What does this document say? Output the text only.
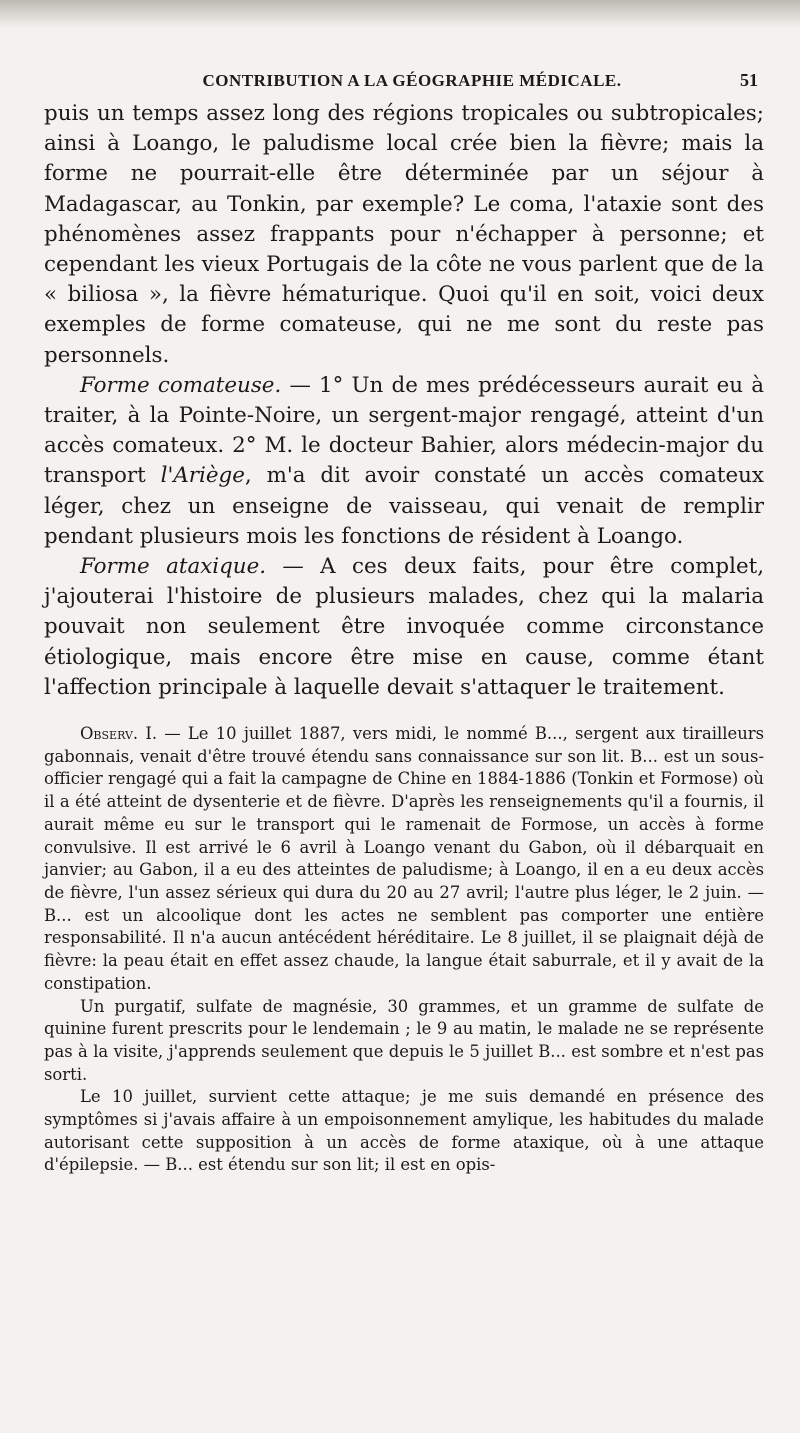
CONTRIBUTION A LA GÉOGRAPHIE MÉDICALE.	51

puis un temps assez long des régions tropicales ou subtropicales; ainsi à Loango, le paludisme local crée bien la fièvre; mais la forme ne pourrait-elle être déterminée par un séjour à Madagascar, au Tonkin, par exemple? Le coma, l'ataxie sont des phénomènes assez frappants pour n'échapper à personne; et cependant les vieux Portugais de la côte ne vous parlent que de la « biliosa », la fièvre hématurique. Quoi qu'il en soit, voici deux exemples de forme comateuse, qui ne me sont du reste pas personnels.

Forme comateuse. — 1° Un de mes prédécesseurs aurait eu à traiter, à la Pointe-Noire, un sergent-major rengagé, atteint d'un accès comateux. 2° M. le docteur Bahier, alors médecin-major du transport l'Ariège, m'a dit avoir constaté un accès comateux léger, chez un enseigne de vaisseau, qui venait de remplir pendant plusieurs mois les fonctions de résident à Loango.

Forme ataxique. — A ces deux faits, pour être complet, j'ajouterai l'histoire de plusieurs malades, chez qui la malaria pouvait non seulement être invoquée comme circonstance étiologique, mais encore être mise en cause, comme étant l'affection principale à laquelle devait s'attaquer le traitement.

Observ. I. — Le 10 juillet 1887, vers midi, le nommé B..., sergent aux tirailleurs gabonnais, venait d'être trouvé étendu sans connaissance sur son lit. B... est un sous-officier rengagé qui a fait la campagne de Chine en 1884-1886 (Tonkin et Formose) où il a été atteint de dysenterie et de fièvre. D'après les renseignements qu'il a fournis, il aurait même eu sur le transport qui le ramenait de Formose, un accès à forme convulsive. Il est arrivé le 6 avril à Loango venant du Gabon, où il débarquait en janvier; au Gabon, il a eu des atteintes de paludisme; à Loango, il en a eu deux accès de fièvre, l'un assez sérieux qui dura du 20 au 27 avril; l'autre plus léger, le 2 juin. — B... est un alcoolique dont les actes ne semblent pas comporter une entière responsabilité. Il n'a aucun antécédent héréditaire. Le 8 juillet, il se plaignait déjà de fièvre: la peau était en effet assez chaude, la langue était saburrale, et il y avait de la constipation.

Un purgatif, sulfate de magnésie, 30 grammes, et un gramme de sulfate de quinine furent prescrits pour le lendemain ; le 9 au matin, le malade ne se représente pas à la visite, j'apprends seulement que depuis le 5 juillet B... est sombre et n'est pas sorti.

Le 10 juillet, survient cette attaque; je me suis demandé en présence des symptômes si j'avais affaire à un empoisonnement amylique, les habitudes du malade autorisant cette supposition à un accès de forme ataxique, où à une attaque d'épilepsie. — B... est étendu sur son lit; il est en opis-
